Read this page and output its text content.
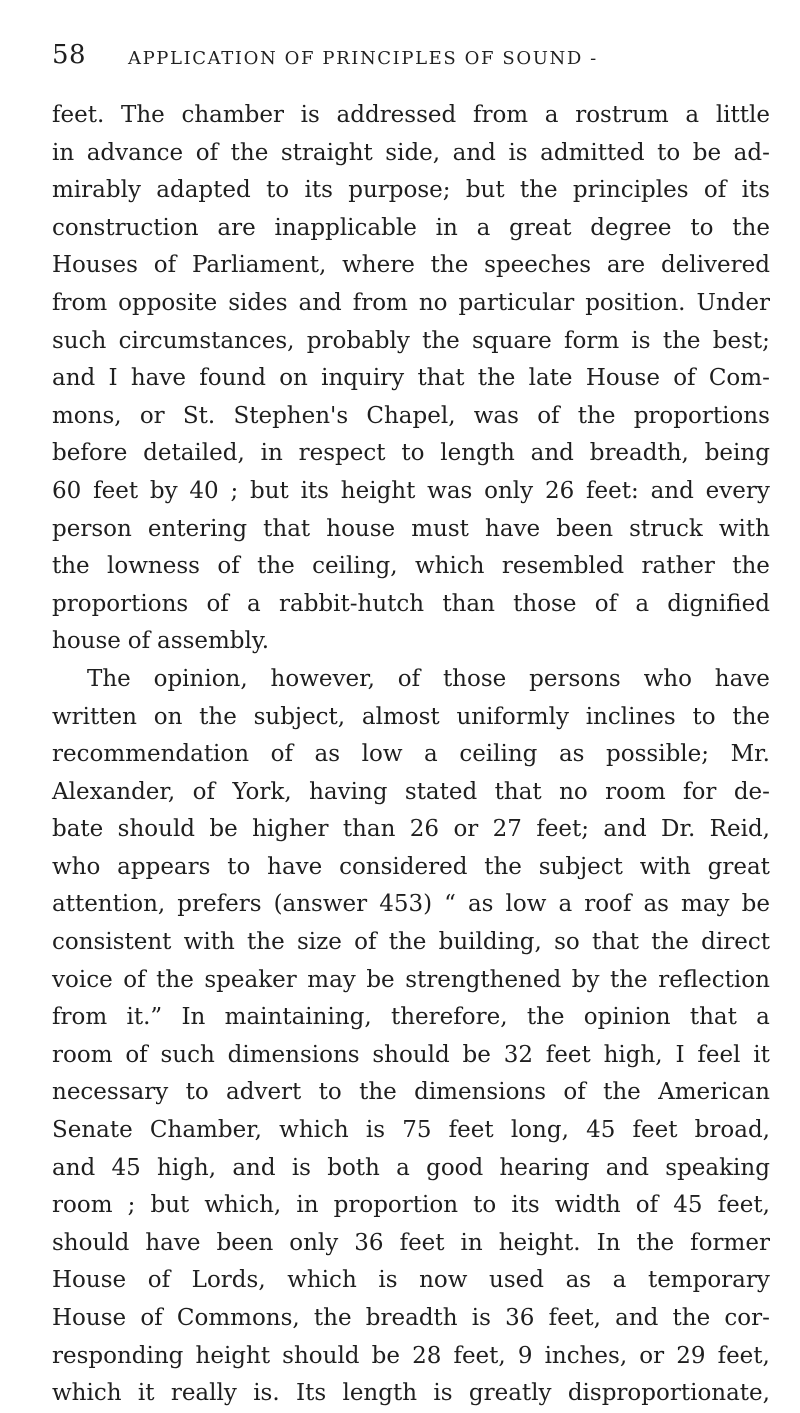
58 APPLICATION OF PRINCIPLES OF SOUND -
feet. The chamber is addressed from a rostrum a little
in advance of the straight side, and is admitted to be ad-
mirably adapted to its purpose; but the principles of its
construction are inapplicable in a great degree to the
Houses of Parliament, where the speeches are delivered
from opposite sides and from no particular position. Under
such circumstances, probably the square form is the best;
and I have found on inquiry that the late House of Com-
mons, or St. Stephen's Chapel, was of the proportions
before detailed, in respect to length and breadth, being
60 feet by 40 ; but its height was only 26 feet: and every
person entering that house must have been struck with
the lowness of the ceiling, which resembled rather the
proportions of a rabbit-hutch than those of a dignified
house of assembly.
The opinion, however, of those persons who have
written on the subject, almost uniformly inclines to the
recommendation of as low a ceiling as possible; Mr.
Alexander, of York, having stated that no room for de-
bate should be higher than 26 or 27 feet; and Dr. Reid,
who appears to have considered the subject with great
attention, prefers (answer 453) “ as low a roof as may be
consistent with the size of the building, so that the direct
voice of the speaker may be strengthened by the reflection
from it.” In maintaining, therefore, the opinion that a
room of such dimensions should be 32 feet high, I feel it
necessary to advert to the dimensions of the American
Senate Chamber, which is 75 feet long, 45 feet broad,
and 45 high, and is both a good hearing and speaking
room ; but which, in proportion to its width of 45 feet,
should have been only 36 feet in height. In the former
House of Lords, which is now used as a temporary
House of Commons, the breadth is 36 feet, and the cor-
responding height should be 28 feet, 9 inches, or 29 feet,
which it really is. Its length is greatly disproportionate,
